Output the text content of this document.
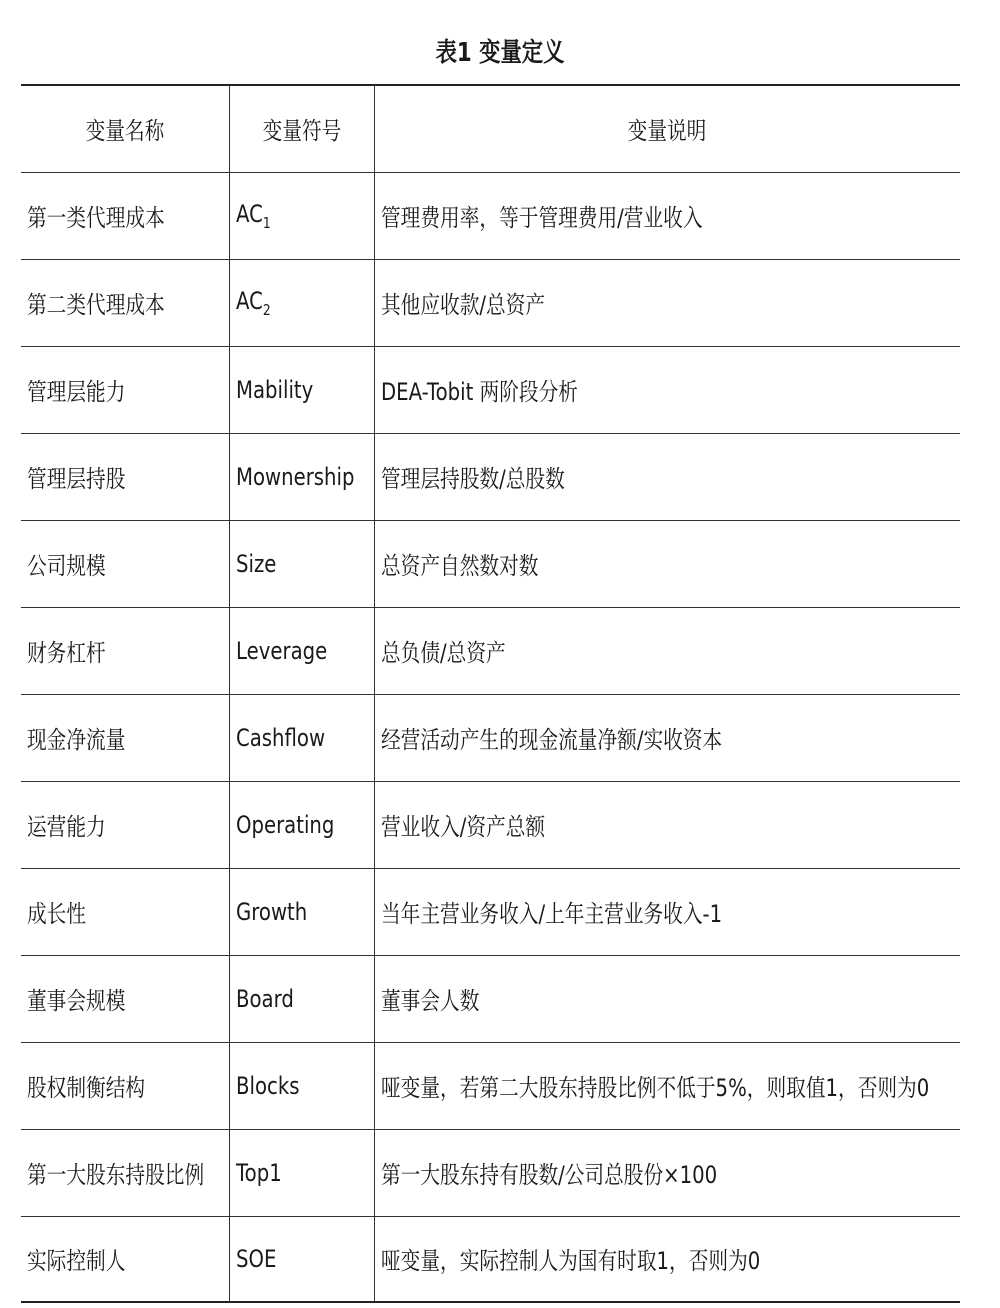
表1 变量定义
变量名称	变量符号	变量说明
第一类代理成本	$AC_1$	管理费用率，等于管理费用/营业收入
第二类代理成本	$AC_2$	其他应收款/总资产
管理层能力	Mability	DEA-Tobit 两阶段分析
管理层持股	Mownership	管理层持股数/总股数
公司规模	Size	总资产自然数对数
财务杠杆	Leverage	总负债/总资产
现金净流量	Cashflow	经营活动产生的现金流量净额/实收资本
运营能力	Operating	营业收入/资产总额
成长性	Growth	当年主营业务收入/上年主营业务收入-1
董事会规模	Board	董事会人数
股权制衡结构	Blocks	哑变量，若第二大股东持股比例不低于5%，则取值1，否则为0
第一大股东持股比例	Top1	第一大股东持有股数/公司总股份×100
实际控制人	SOE	哑变量，实际控制人为国有时取1，否则为0
